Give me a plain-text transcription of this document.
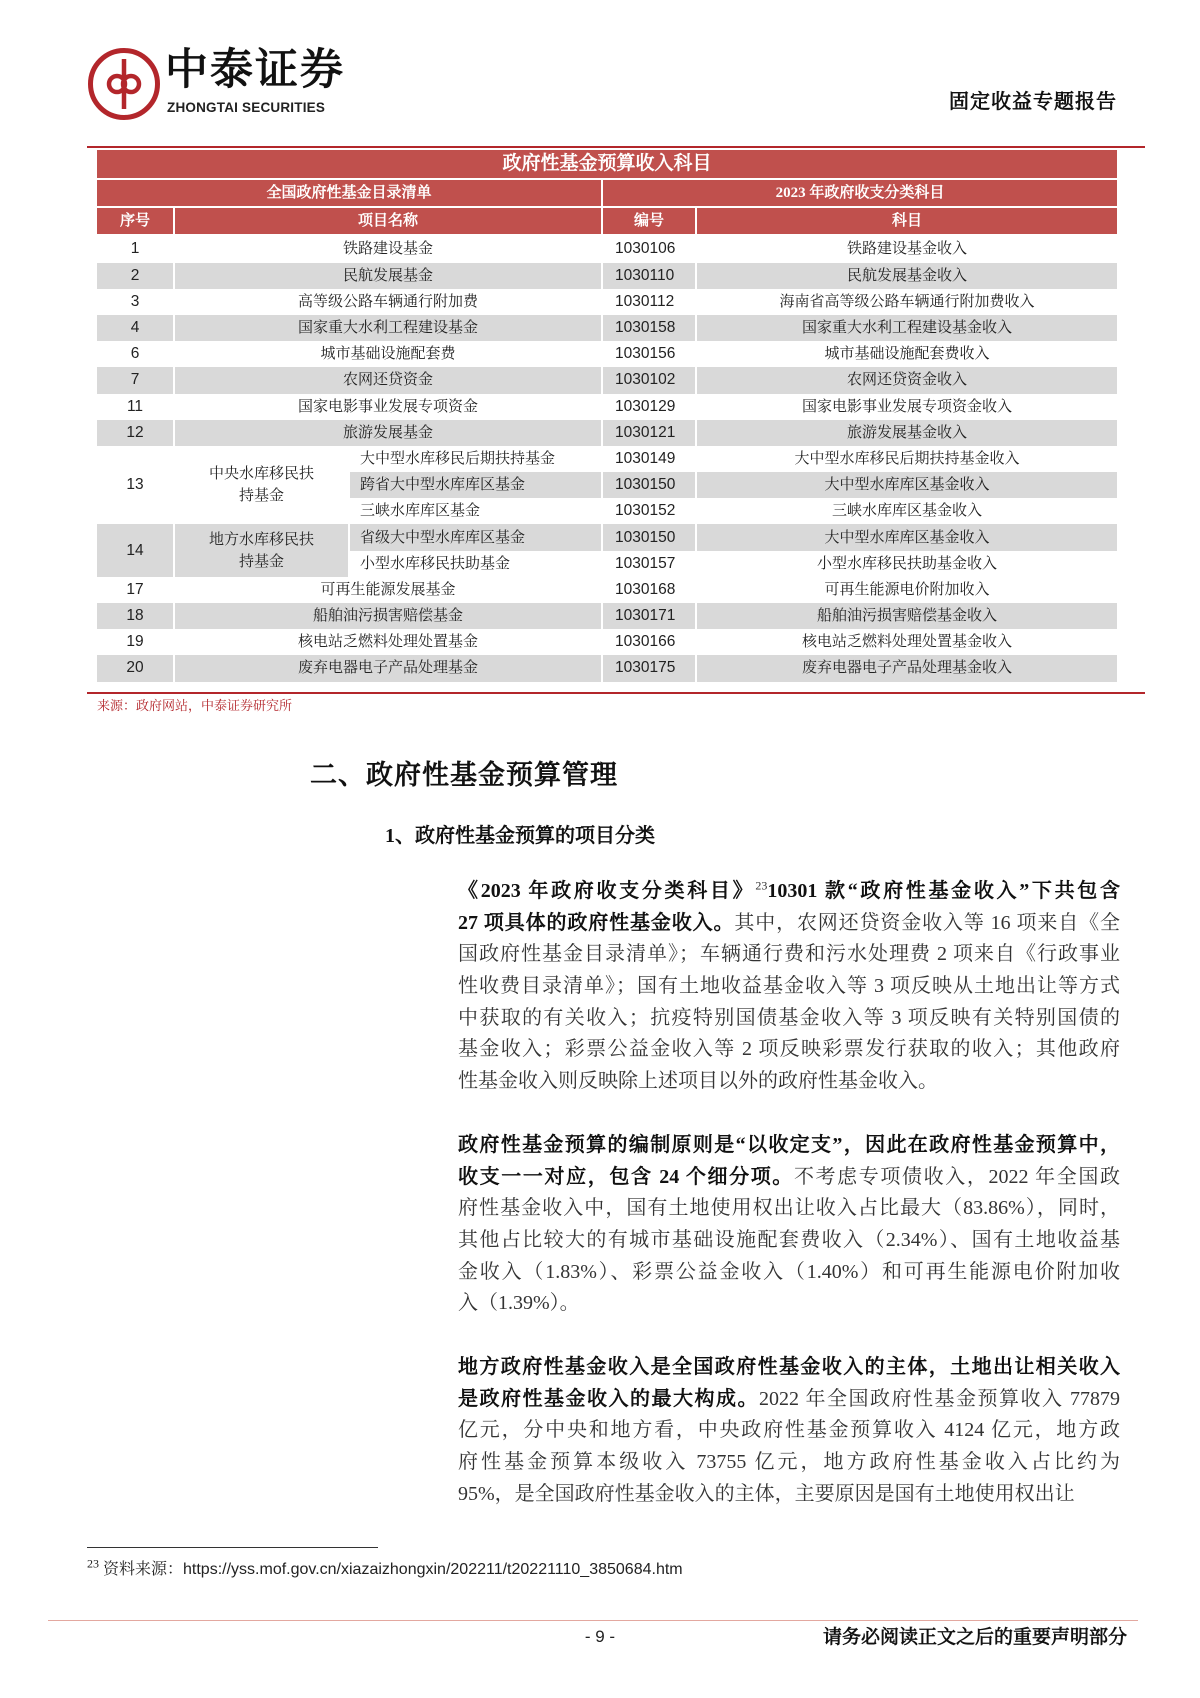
中泰证券
ZHONGTAI SECURITIES	固定收益专题报告
政府性基金预算收入科目				
全国政府性基金目录清单			2023 年政府收支分类科目	
序号	项目名称		编号	科目
1	铁路建设基金		1030106	铁路建设基金收入
2	民航发展基金		1030110	民航发展基金收入
3	高等级公路车辆通行附加费		1030112	海南省高等级公路车辆通行附加费收入
4	国家重大水利工程建设基金		1030158	国家重大水利工程建设基金收入
6	城市基础设施配套费		1030156	城市基础设施配套费收入
7	农网还贷资金		1030102	农网还贷资金收入
11	国家电影事业发展专项资金		1030129	国家电影事业发展专项资金收入
12	旅游发展基金		1030121	旅游发展基金收入
13	中央水库移民扶持基金	大中型水库移民后期扶持基金	1030149	大中型水库移民后期扶持基金收入
		跨省大中型水库库区基金	1030150	大中型水库库区基金收入
		三峡水库库区基金	1030152	三峡水库库区基金收入
14	地方水库移民扶持基金	省级大中型水库库区基金	1030150	大中型水库库区基金收入
		小型水库移民扶助基金	1030157	小型水库移民扶助基金收入
17	可再生能源发展基金		1030168	可再生能源电价附加收入
18	船舶油污损害赔偿基金		1030171	船舶油污损害赔偿基金收入
19	核电站乏燃料处理处置基金		1030166	核电站乏燃料处理处置基金收入
20	废弃电器电子产品处理基金		1030175	废弃电器电子产品处理基金收入
来源：政府网站，中泰证券研究所
二、政府性基金预算管理
1、政府性基金预算的项目分类
《2023 年政府收支分类科目》$^{23}$10301 款“政府性基金收入”下共包含
27 项具体的政府性基金收入。其中，农网还贷资金收入等 16 项来自《全
国政府性基金目录清单》；车辆通行费和污水处理费 2 项来自《行政事业
性收费目录清单》；国有土地收益基金收入等 3 项反映从土地出让等方式
中获取的有关收入；抗疫特别国债基金收入等 3 项反映有关特别国债的
基金收入；彩票公益金收入等 2 项反映彩票发行获取的收入；其他政府
性基金收入则反映除上述项目以外的政府性基金收入。
政府性基金预算的编制原则是“以收定支”，因此在政府性基金预算中，
收支一一对应，包含 24 个细分项。不考虑专项债收入，2022 年全国政
府性基金收入中，国有土地使用权出让收入占比最大（83.86%），同时，
其他占比较大的有城市基础设施配套费收入（2.34%）、国有土地收益基
金收入（1.83%）、彩票公益金收入（1.40%）和可再生能源电价附加收
入（1.39%）。
地方政府性基金收入是全国政府性基金收入的主体，土地出让相关收入
是政府性基金收入的最大构成。2022 年全国政府性基金预算收入 77879
亿元，分中央和地方看，中央政府性基金预算收入 4124 亿元，地方政
府性基金预算本级收入 73755 亿元，地方政府性基金收入占比约为
95%，是全国政府性基金收入的主体，主要原因是国有土地使用权出让
$^{23}$ 资料来源：https://yss.mof.gov.cn/xiazaizhongxin/202211/t20221110_3850684.htm
- 9 -	请务必阅读正文之后的重要声明部分
